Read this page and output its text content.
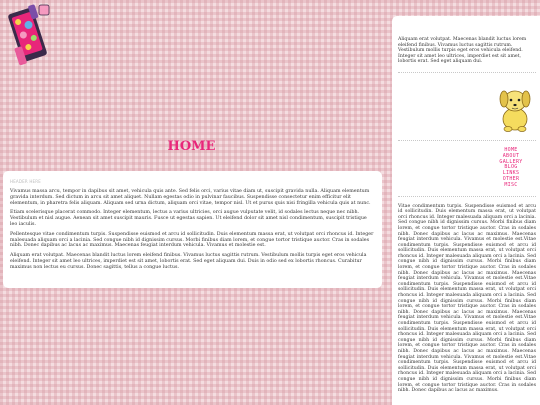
HOME
HEADER HERE

Vivamus massa arcu, tempor in dapibus sit amet, vehicula quis ante. Sed felis orci, varius vitae diam ut, suscipit gravida nulla. Aliquam elementum gravida interdum. Sed dictum in arcu sit amet aliquet. Nullam egestas odio in pulvinar faucibus. Suspendisse consectetur enim efficitur elit elementum, in pharetra felis aliquam. Aliquam sed urna dictum, aliquam orci vitae, tempor nisl. Ut et purus quis nisi fringilla vehicula quis at nunc.

Etiam scelerisque placerat commodo. Integer elementum, lectus a varius ultricies, orci augue vulputate velit, id sodales lectus neque nec nibh. Vestibulum et nisl augue. Aenean sit amet suscipit mauris. Fusce ut egestas sapien. Ut eleifend dolor sit amet nisl condimentum, suscipit tristique leo iaculis.

Pellentesque vitae condimentum turpis. Suspendisse euismod et arcu id sollicitudin. Duis elementum massa erat, ut volutpat orci rhoncus id. Integer malesuada aliquam orci a lacinia. Sed congue nibh id dignissim cursus. Morbi finibus diam lorem, et congue tortor tristique auctor. Cras in sodales nibh. Donec dapibus ac lacus ac maximus. Maecenas feugiat interdum vehicula. Vivamus et molestie est.

Aliquam erat volutpat. Maecenas blandit luctus lorem eleifend finibus. Vivamus luctus sagittis rutrum. Vestibulum mollis turpis eget eros vehicula eleifend. Integer sit amet leo ultrices, imperdiet est sit amet, lobortis erat. Sed eget aliquam dui. Duis in odio sed ex lobortis rhoncus. Curabitur maximus non lectus eu cursus. Donec sagittis, tellus a congue luctus.

Aliquam erat volutpat. Maecenas blandit luctus lorem eleifend finibus. Vivamus luctus sagittis rutrum. Vestibulum mollis turpis eget eros vehicula eleifend. Integer sit amet leo ultrices, imperdiet est sit amet, lobortis erat. Sed eget aliquam dui.

HOME
ABOUT
GALLERY
BLOG
LINKS
OTHER
MISC

Vitae condimentum turpis. Suspendisse euismod et arcu id sollicitudin. Duis elementum massa erat, ut volutpat orci rhoncus id. Integer malesuada aliquam orci a lacinia. Sed congue nibh id dignissim cursus. Morbi finibus diam lorem, et congue tortor tristique auctor. Cras in sodales nibh. Donec dapibus ac lacus ac maximus. Maecenas feugiat interdum vehicula. Vivamus et molestie est.Vitae condimentum turpis. Suspendisse euismod et arcu id sollicitudin. Duis elementum massa erat, ut volutpat orci rhoncus id. Integer malesuada aliquam orci a lacinia. Sed congue nibh id dignissim cursus. Morbi finibus diam lorem, et congue tortor tristique auctor. Cras in sodales nibh. Donec dapibus ac lacus ac maximus. Maecenas feugiat interdum vehicula. Vivamus et molestie est.Vitae condimentum turpis. Suspendisse euismod et arcu id sollicitudin. Duis elementum massa erat, ut volutpat orci rhoncus id. Integer malesuada aliquam orci a lacinia. Sed congue nibh id dignissim cursus. Morbi finibus diam lorem, et congue tortor tristique auctor. Cras in sodales nibh. Donec dapibus ac lacus ac maximus. Maecenas feugiat interdum vehicula. Vivamus et molestie est.Vitae condimentum turpis. Suspendisse euismod et arcu id sollicitudin. Duis elementum massa erat, ut volutpat orci rhoncus id. Integer malesuada aliquam orci a lacinia. Sed congue nibh id dignissim cursus. Morbi finibus diam lorem, et congue tortor tristique auctor. Cras in sodales nibh. Donec dapibus ac lacus ac maximus. Maecenas feugiat interdum vehicula. Vivamus et molestie est.Vitae condimentum turpis. Suspendisse euismod et arcu id sollicitudin. Duis elementum massa erat, ut volutpat orci rhoncus id. Integer malesuada aliquam orci a lacinia. Sed congue nibh id dignissim cursus. Morbi finibus diam lorem, et congue tortor tristique auctor. Cras in sodales nibh. Donec dapibus ac lacus ac maximus.
